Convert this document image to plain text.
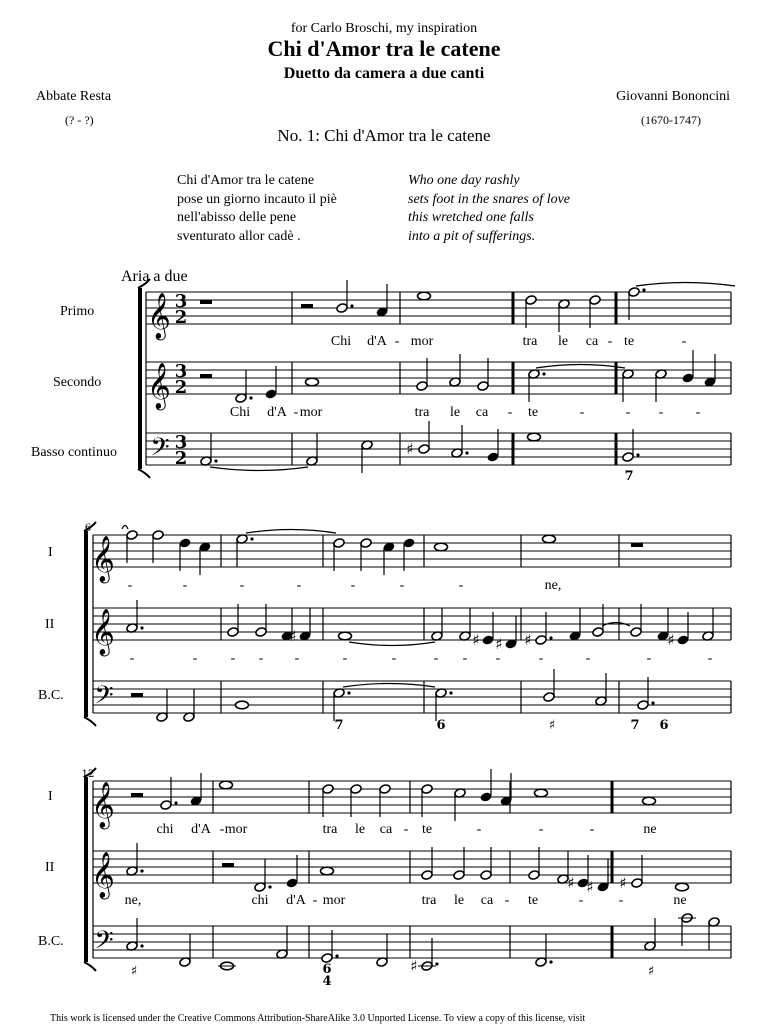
for Carlo Broschi, my inspiration
Chi d'Amor tra le catene
Duetto da camera a due canti
Abbate Resta
(? - ?)
Giovanni Bononcini
(1670-1747)
No. 1: Chi d'Amor tra le catene
Chi d'Amor tra le catene
pose un giorno incauto il piè
nell'abisso delle pene
sventurato allor cadè .
Who one day rashly
sets foot in the snares of love
this wretched one falls
into a pit of sufferings.
Aria a due
Primo
Secondo
Basso continuo
I
II
B.C.
I
II
B.C.
This work is licensed under the Creative Commons Attribution-ShareAlike 3.0 Unported License. To view a copy of this license, visit
𝄞
𝄞
𝄢
3
2
3
2
3
2	♯
7
Chi d'A - mor	tra le ca - te	-
Chi d'A - mor	tra le ca - te	-	- - -
𝄞
𝄞
𝄢
6
♯	♯ ♯ ♯	♯
7	6	♯	7 6
-	-	-	-	-	-	-	ne,
-	- - - -	-	-	- - -	-	-	-	-
𝄞
𝄞
𝄢
12
♯ ♯ ♯
♯
♯	6
4
♯
chi d'A - mor	tra le ca - te	-	-	-	ne
ne,	chi d'A - mor	tra le ca - te	-	-	ne
